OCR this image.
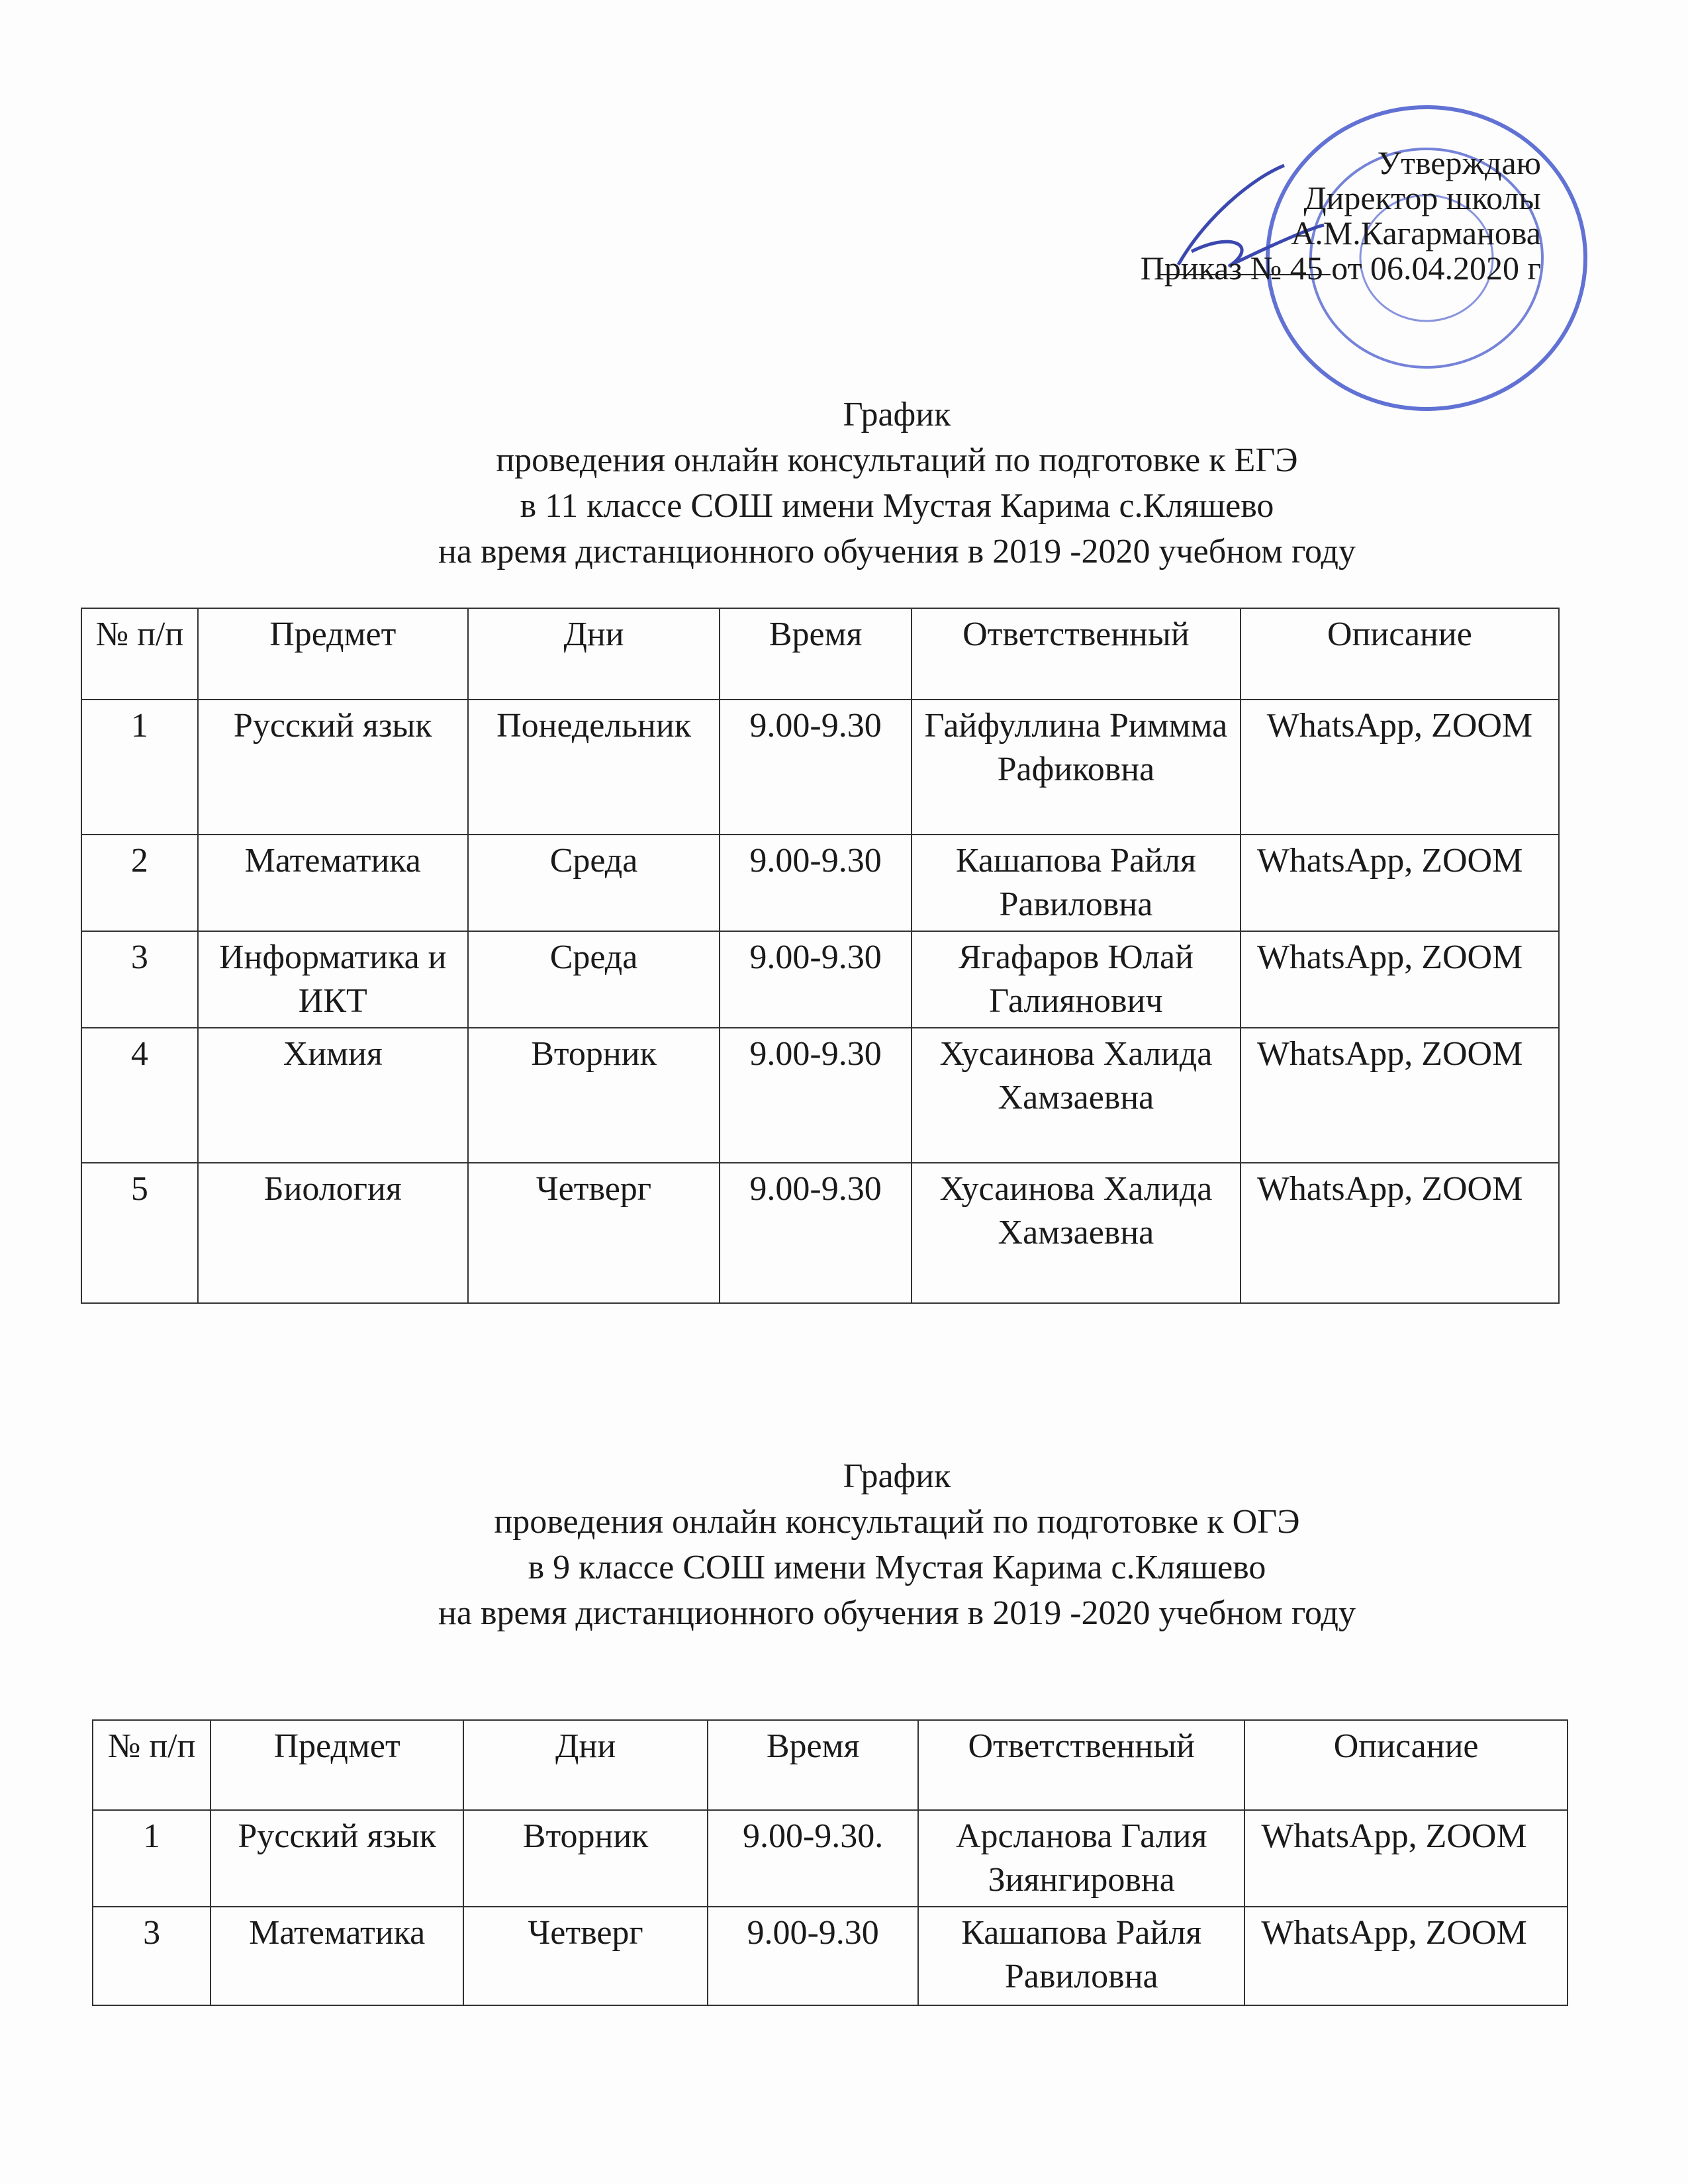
Утверждаю
Директор школы
А.М.Кагарманова
Приказ № 45 от 06.04.2020 г
График
проведения онлайн консультаций по подготовке к ЕГЭ
в 11 классе СОШ имени Мустая Карима с.Кляшево
на время дистанционного обучения в 2019 -2020 учебном году
№ п/п	Предмет	Дни	Время	Ответственный	Описание
1	Русский язык	Понедельник	9.00-9.30	Гайфуллина Риммма Рафиковна	WhatsApp, ZOOM
2	Математика	Среда	9.00-9.30	Кашапова Райля Равиловна	WhatsApp, ZOOM
3	Информатика и ИКТ	Среда	9.00-9.30	Ягафаров Юлай Галиянович	WhatsApp, ZOOM
4	Химия	Вторник	9.00-9.30	Хусаинова Халида Хамзаевна	WhatsApp, ZOOM
5	Биология	Четверг	9.00-9.30	Хусаинова Халида Хамзаевна	WhatsApp, ZOOM
График
проведения онлайн консультаций по подготовке к ОГЭ
в 9 классе СОШ имени Мустая Карима с.Кляшево
на время дистанционного обучения в 2019 -2020 учебном году
№ п/п	Предмет	Дни	Время	Ответственный	Описание
1	Русский язык	Вторник	9.00-9.30.	Арсланова Галия Зиянгировна	WhatsApp, ZOOM
3	Математика	Четверг	9.00-9.30	Кашапова Райля Равиловна	WhatsApp, ZOOM
